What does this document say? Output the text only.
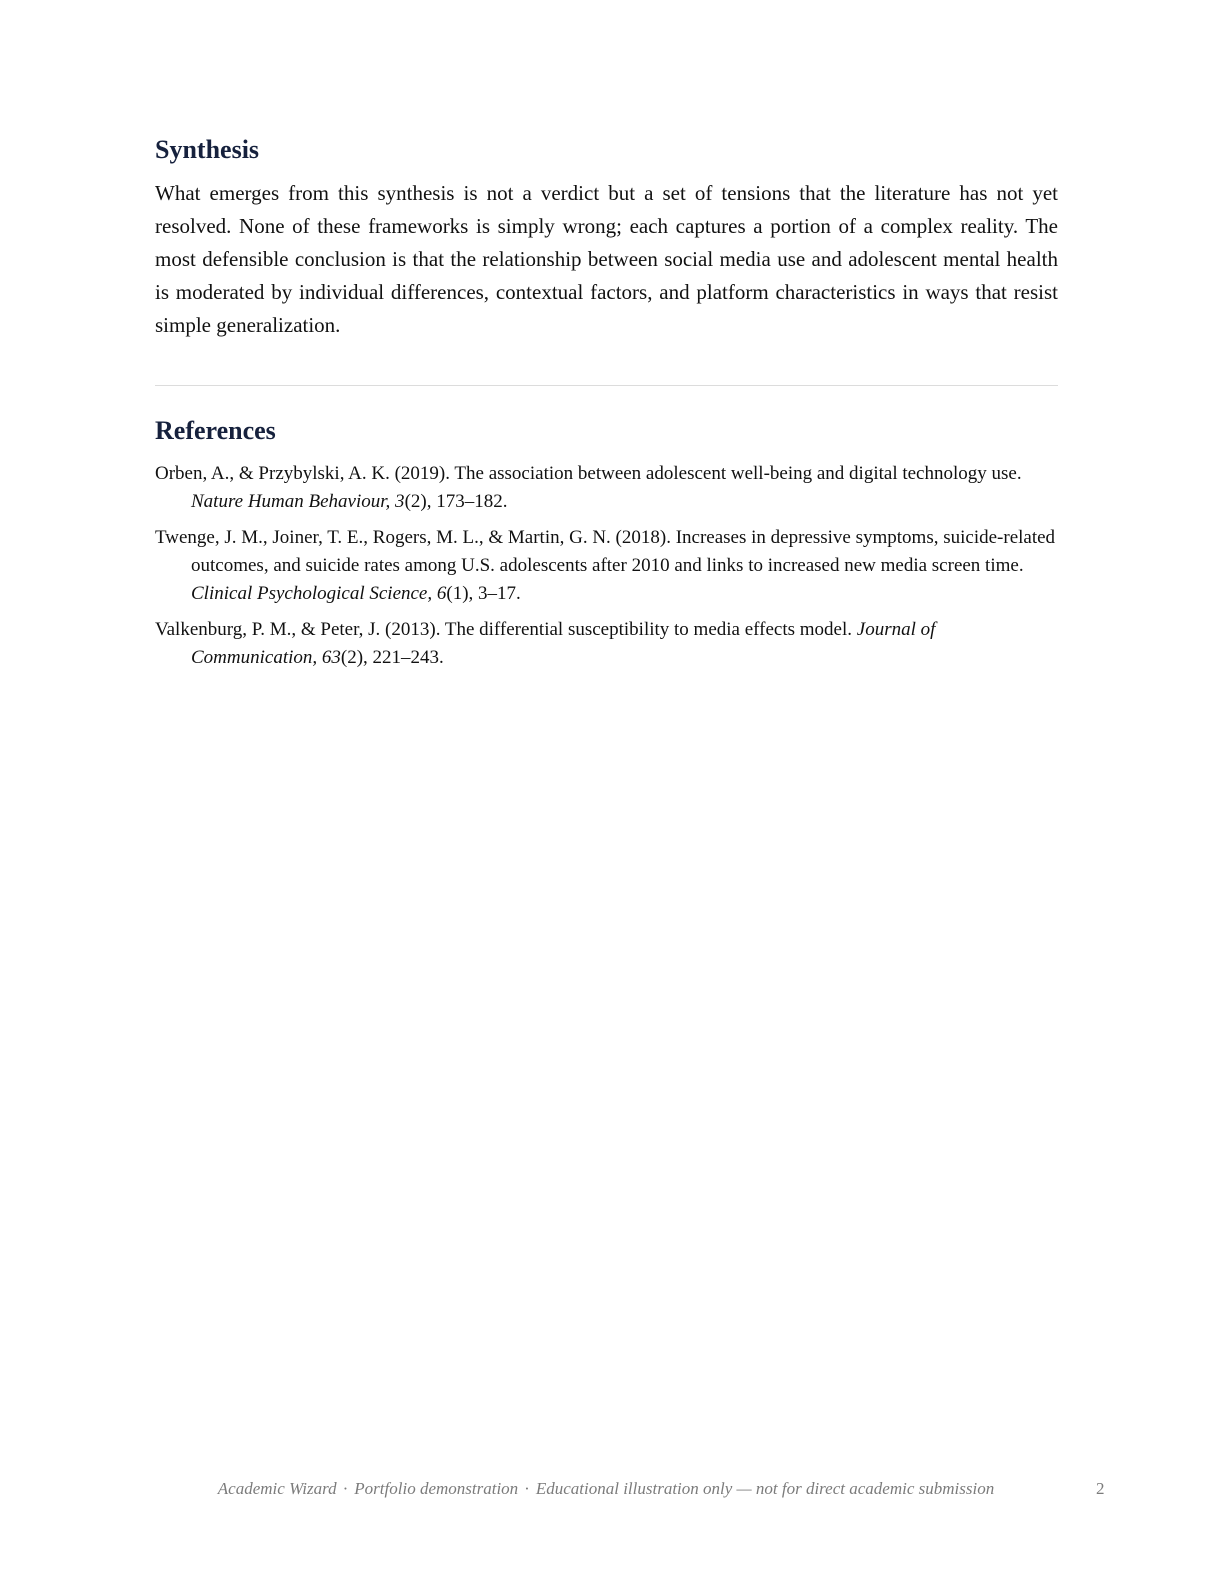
Synthesis

What emerges from this synthesis is not a verdict but a set of tensions that the literature has not yet resolved. None of these frameworks is simply wrong; each captures a portion of a complex reality. The most defensible conclusion is that the relationship between social media use and adolescent mental health is moderated by individual differences, contextual factors, and platform characteristics in ways that resist simple generalization.

References
Orben, A., & Przybylski, A. K. (2019). The association between adolescent well-being and digital technology use. Nature Human Behaviour, 3(2), 173–182.
Twenge, J. M., Joiner, T. E., Rogers, M. L., & Martin, G. N. (2018). Increases in depressive symptoms, suicide-related outcomes, and suicide rates among U.S. adolescents after 2010 and links to increased new media screen time. Clinical Psychological Science, 6(1), 3–17.
Valkenburg, P. M., & Peter, J. (2013). The differential susceptibility to media effects model. Journal of Communication, 63(2), 221–243.
Academic Wizard · Portfolio demonstration · Educational illustration only — not for direct academic submission	2
